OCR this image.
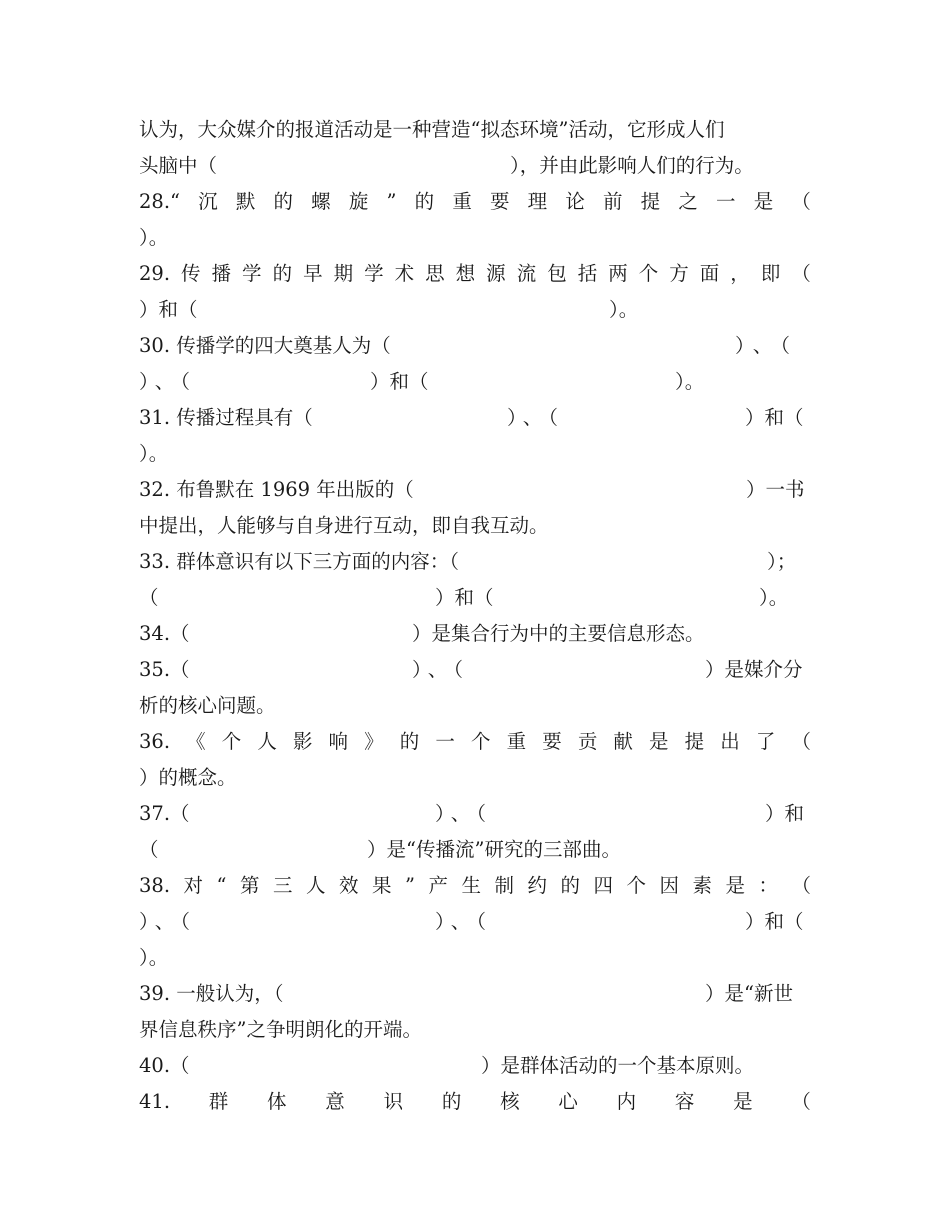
认为，大众媒介的报道活动是一种营造“拟态环境”活动，它形成人们
头脑中（	），并由此影响人们的行为。
28.“ 沉 默 的 螺 旋 ” 的 重 要 理 论 前 提 之 一 是 （
）。
29. 传 播 学 的 早 期 学 术 思 想 源 流 包 括 两 个 方 面 ， 即 （
）和（	）。
30. 传播学的四大奠基人为（	）、（
）、（	）和（	）。
31. 传播过程具有（	）、（	）和（
）。
32. 布鲁默在 1969 年出版的（	）一书
中提出，人能够与自身进行互动，即自我互动。
33. 群体意识有以下三方面的内容：（	）；
（	）和（	）。
34.（	）是集合行为中的主要信息形态。
35.（	）、（	）是媒介分
析的核心问题。
36. 《 个 人 影 响 》 的 一 个 重 要 贡 献 是 提 出 了 （
）的概念。
37.（	）、（	）和
（	）是“传播流”研究的三部曲。
38. 对 “ 第 三 人 效 果 ” 产 生 制 约 的 四 个 因 素 是 ： （
）、（	）、（	）和（
）。
39. 一般认为，（	）是“新世
界信息秩序”之争明朗化的开端。
40.（	）是群体活动的一个基本原则。
41. 群 体 意 识 的 核 心 内 容 是 （
